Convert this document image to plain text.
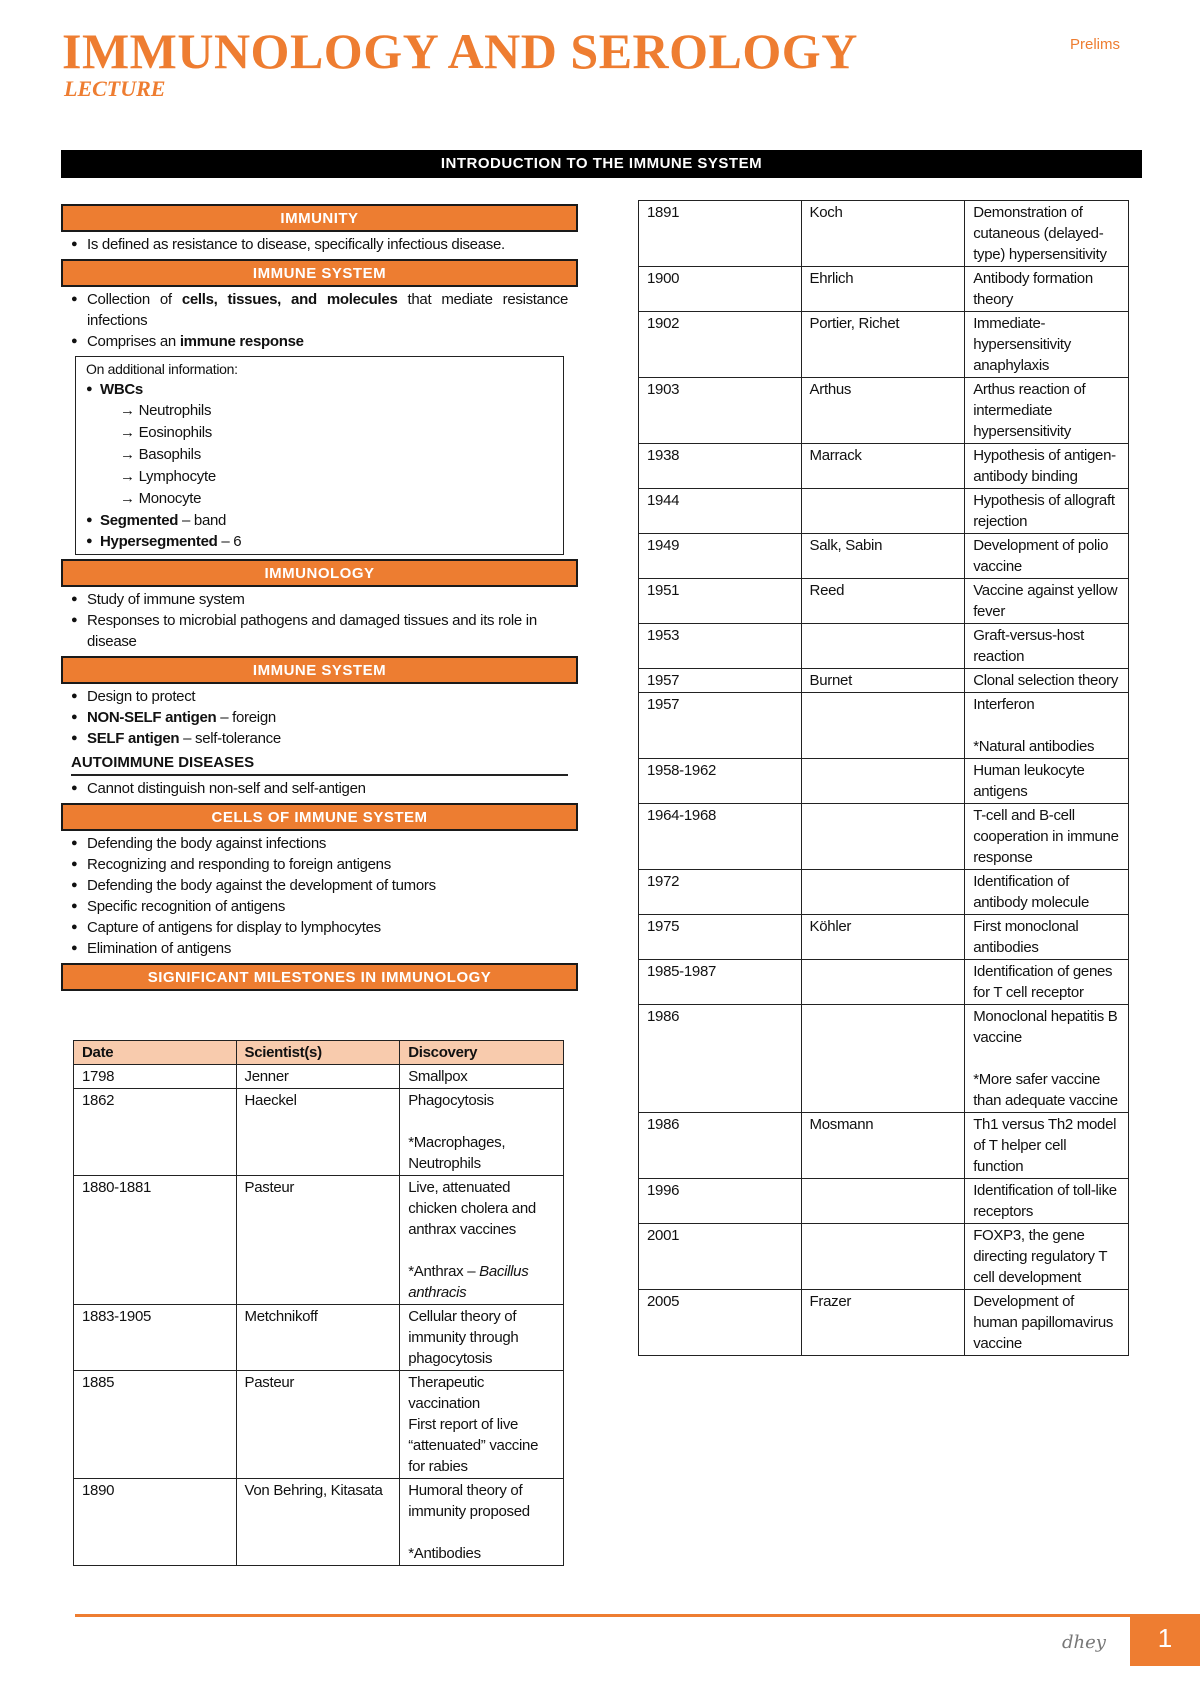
IMMUNOLOGY AND SEROLOGY
LECTURE
Prelims
INTRODUCTION TO THE IMMUNE SYSTEM
IMMUNITY
● Is defined as resistance to disease, specifically infectious disease.
IMMUNE SYSTEM
● Collection of cells, tissues, and molecules that mediate resistance infections
● Comprises an immune response
On additional information:
● WBCs
→ Neutrophils
→ Eosinophils
→ Basophils
→ Lymphocyte
→ Monocyte
● Segmented – band
● Hypersegmented – 6
IMMUNOLOGY
● Study of immune system
● Responses to microbial pathogens and damaged tissues and its role in disease
IMMUNE SYSTEM
● Design to protect
● NON-SELF antigen – foreign
● SELF antigen – self-tolerance
AUTOIMMUNE DISEASES
● Cannot distinguish non-self and self-antigen
CELLS OF IMMUNE SYSTEM
● Defending the body against infections
● Recognizing and responding to foreign antigens
● Defending the body against the development of tumors
● Specific recognition of antigens
● Capture of antigens for display to lymphocytes
● Elimination of antigens
SIGNIFICANT MILESTONES IN IMMUNOLOGY
Date	Scientist(s)	Discovery
1798	Jenner	Smallpox
1862	Haeckel	Phagocytosis
*Macrophages, Neutrophils

1880-1881	Pasteur	Live, attenuated chicken cholera and anthrax vaccines
*Anthrax – Bacillus anthracis

1883-1905	Metchnikoff	Cellular theory of immunity through phagocytosis
1885	Pasteur	Therapeutic vaccination
First report of live “attenuated” vaccine for rabies

1890	Von Behring, Kitasata	Humoral theory of immunity proposed
*Antibodies
1891	Koch	Demonstration of cutaneous (delayed-type) hypersensitivity

1900	Ehrlich	Antibody formation theory

1902	Portier, Richet	Immediate-hypersensitivity anaphylaxis

1903	Arthus	Arthus reaction of intermediate hypersensitivity

1938	Marrack	Hypothesis of antigen-antibody binding

1944		Hypothesis of allograft rejection

1949	Salk, Sabin	Development of polio vaccine

1951	Reed	Vaccine against yellow fever

1953		Graft-versus-host reaction

1957	Burnet	Clonal selection theory

1957		Interferon
*Natural antibodies

1958-1962		Human leukocyte antigens

1964-1968		T-cell and B-cell cooperation in immune response

1972		Identification of antibody molecule

1975	Köhler	First monoclonal antibodies

1985-1987		Identification of genes for T cell receptor

1986		Monoclonal hepatitis B vaccine
*More safer vaccine than adequate vaccine

1986	Mosmann	Th1 versus Th2 model of T helper cell function

1996		Identification of toll-like receptors

2001		FOXP3, the gene directing regulatory T cell development

2005	Frazer	Development of human papillomavirus vaccine
dhey	1
